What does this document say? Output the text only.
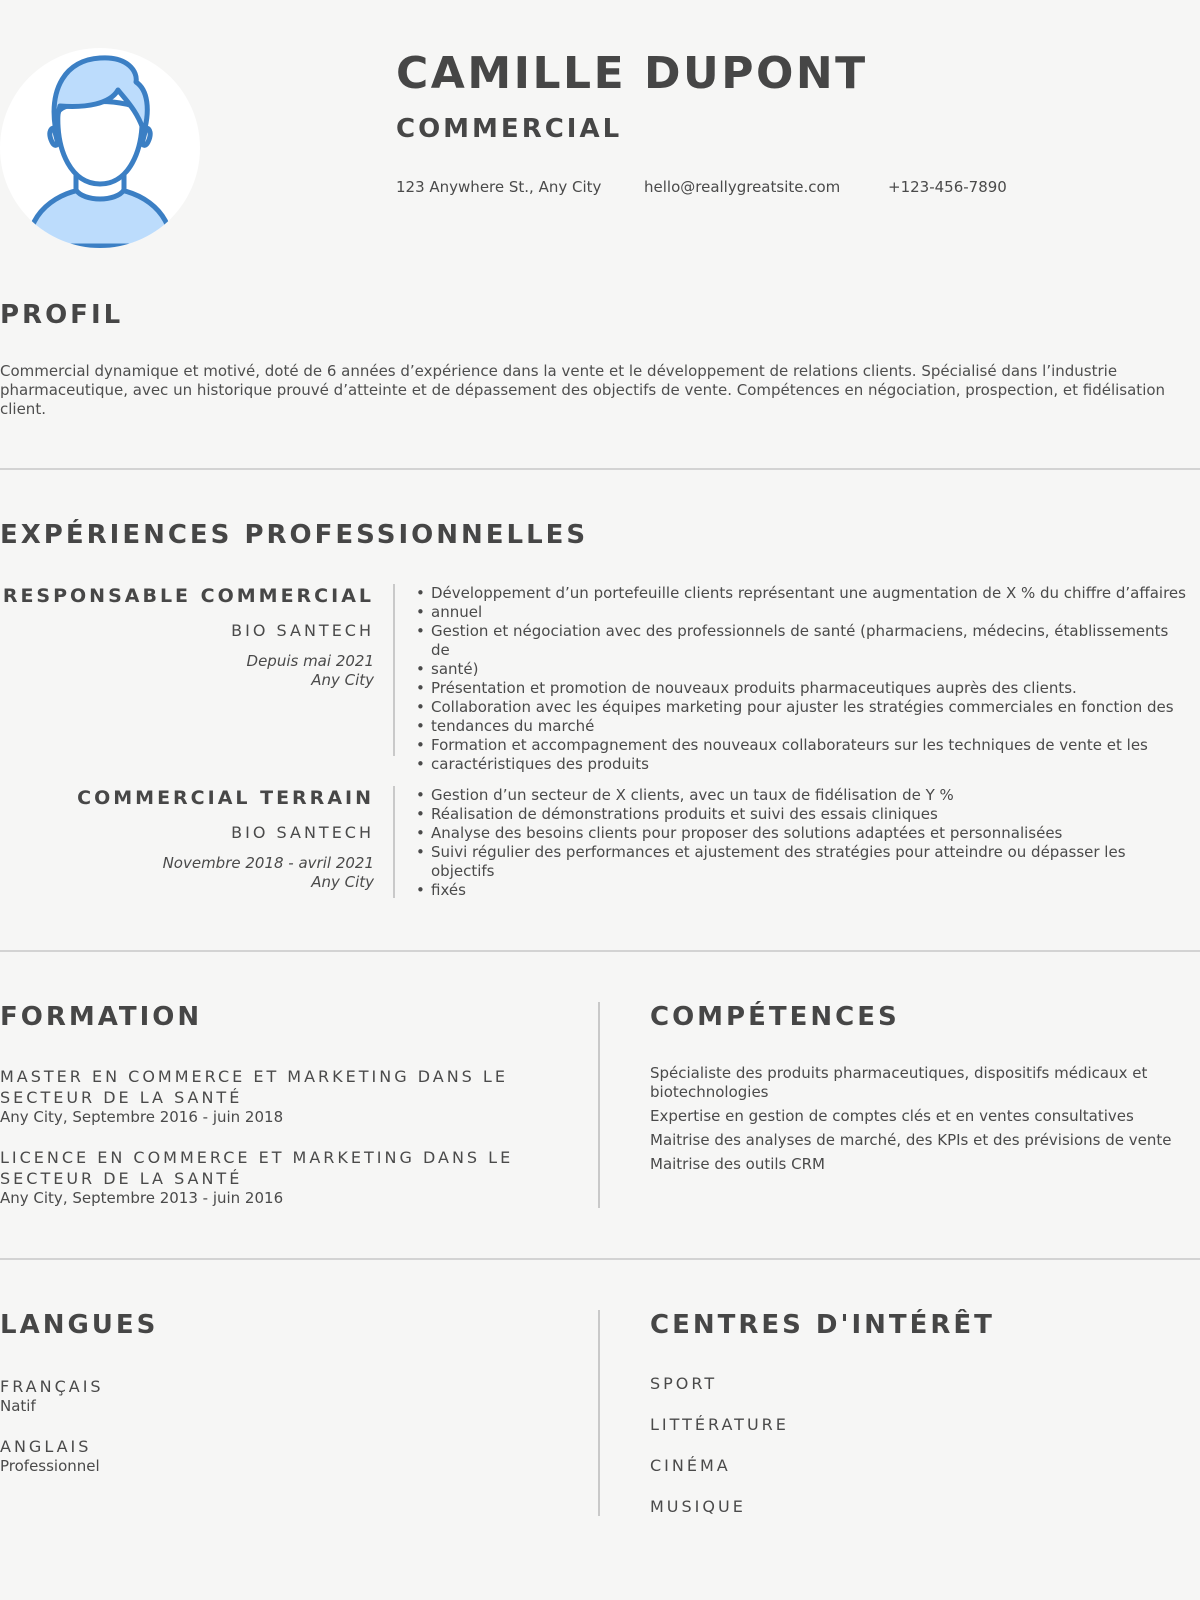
CAMILLE DUPONT
COMMERCIAL
123 Anywhere St., Any City	hello@reallygreatsite.com	+123-456-7890
PROFIL

Commercial dynamique et motivé, doté de 6 années d’expérience dans la vente et le développement de relations clients. Spécialisé dans l’industrie pharmaceutique, avec un historique prouvé d’atteinte et de dépassement des objectifs de vente. Compétences en négociation, prospection, et fidélisation client.

EXPÉRIENCES PROFESSIONNELLES
RESPONSABLE COMMERCIAL
BIO SANTECH
Depuis mai 2021
Any City
• Développement d’un portefeuille clients représentant une augmentation de X % du chiffre d’affaires
• annuel
• Gestion et négociation avec des professionnels de santé (pharmaciens, médecins, établissements de
• santé)
• Présentation et promotion de nouveaux produits pharmaceutiques auprès des clients.
• Collaboration avec les équipes marketing pour ajuster les stratégies commerciales en fonction des
• tendances du marché
• Formation et accompagnement des nouveaux collaborateurs sur les techniques de vente et les
• caractéristiques des produits
COMMERCIAL TERRAIN
BIO SANTECH
Novembre 2018 - avril 2021
Any City
• Gestion d’un secteur de X clients, avec un taux de fidélisation de Y %
• Réalisation de démonstrations produits et suivi des essais cliniques
• Analyse des besoins clients pour proposer des solutions adaptées et personnalisées
• Suivi régulier des performances et ajustement des stratégies pour atteindre ou dépasser les objectifs
• fixés
FORMATION
MASTER EN COMMERCE ET MARKETING DANS LE SECTEUR DE LA SANTÉ
Any City, Septembre 2016 - juin 2018
LICENCE EN COMMERCE ET MARKETING DANS LE SECTEUR DE LA SANTÉ
Any City, Septembre 2013 - juin 2016
COMPÉTENCES
Spécialiste des produits pharmaceutiques, dispositifs médicaux et biotechnologies
Expertise en gestion de comptes clés et en ventes consultatives
Maitrise des analyses de marché, des KPIs et des prévisions de vente
Maitrise des outils CRM
LANGUES
FRANÇAIS
Natif
ANGLAIS
Professionnel
CENTRES D'INTÉRÊT
SPORT
LITTÉRATURE
CINÉMA
MUSIQUE
